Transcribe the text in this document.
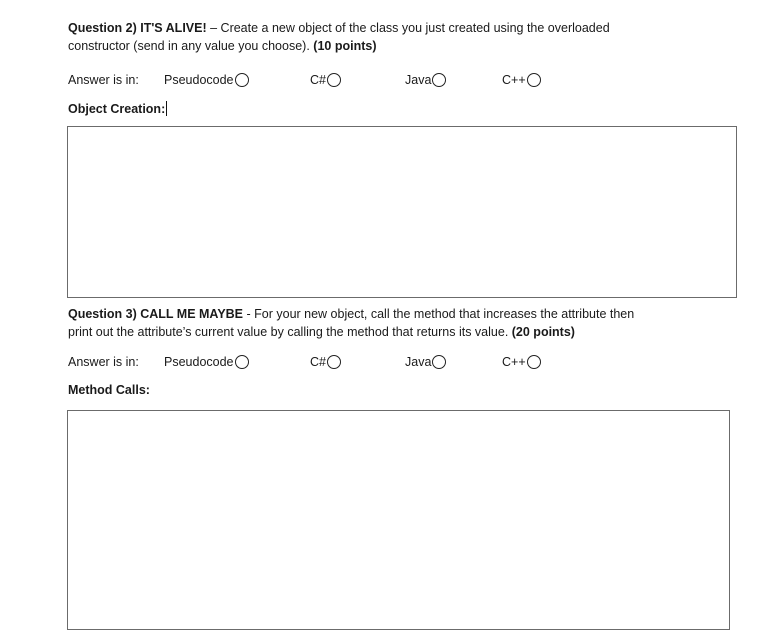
Question 2) IT'S ALIVE! – Create a new object of the class you just created using the overloaded
constructor (send in any value you choose). (10 points)
Answer is in: Pseudocode	C#	Java	C++
Object Creation:
Question 3) CALL ME MAYBE - For your new object, call the method that increases the attribute then
print out the attribute’s current value by calling the method that returns its value. (20 points)
Answer is in: Pseudocode	C#	Java	C++
Method Calls:
